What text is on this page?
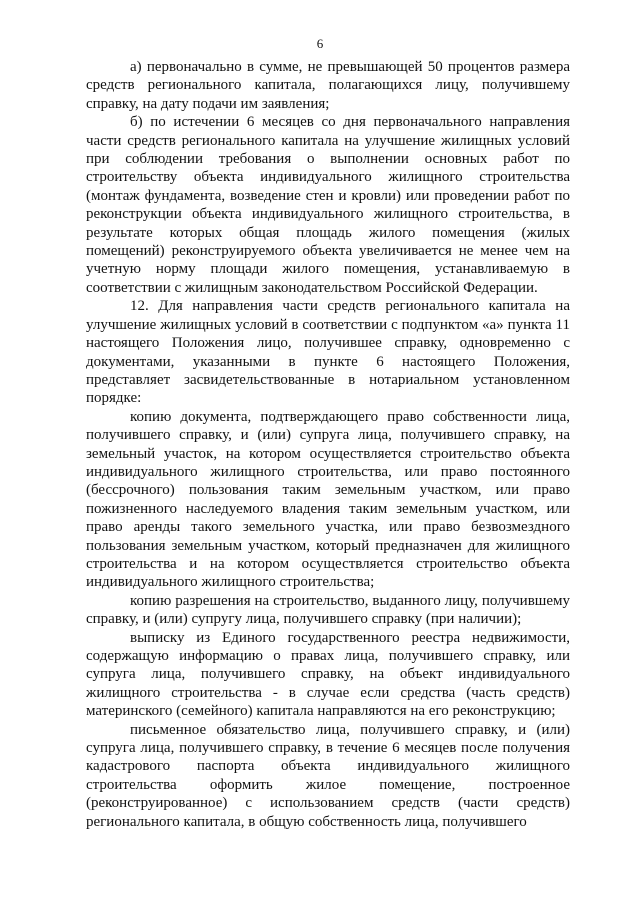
6

а) первоначально в сумме, не превышающей 50 процентов размера средств регионального капитала, полагающихся лицу, получившему справку, на дату подачи им заявления;

б) по истечении 6 месяцев со дня первоначального направления части средств регионального капитала на улучшение жилищных условий при соблюдении требования о выполнении основных работ по строительству объекта индивидуального жилищного строительства (монтаж фундамента, возведение стен и кровли) или проведении работ по реконструкции объекта индивидуального жилищного строительства, в результате которых общая площадь жилого помещения (жилых помещений) реконструируемого объекта увеличивается не менее чем на учетную норму площади жилого помещения, устанавливаемую в соответствии с жилищным законодательством Российской Федерации.

12. Для направления части средств регионального капитала на улучшение жилищных условий в соответствии с подпунктом «а» пункта 11 настоящего Положения лицо, получившее справку, одновременно с документами, указанными в пункте 6 настоящего Положения, представляет засвидетельствованные в нотариальном установленном порядке:

копию документа, подтверждающего право собственности лица, получившего справку, и (или) супруга лица, получившего справку, на земельный участок, на котором осуществляется строительство объекта индивидуального жилищного строительства, или право постоянного (бессрочного) пользования таким земельным участком, или право пожизненного наследуемого владения таким земельным участком, или право аренды такого земельного участка, или право безвозмездного пользования земельным участком, который предназначен для жилищного строительства и на котором осуществляется строительство объекта индивидуального жилищного строительства;

копию разрешения на строительство, выданного лицу, получившему справку, и (или) супругу лица, получившего справку (при наличии);

выписку из Единого государственного реестра недвижимости, содержащую информацию о правах лица, получившего справку, или супруга лица, получившего справку, на объект индивидуального жилищного строительства - в случае если средства (часть средств) материнского (семейного) капитала направляются на его реконструкцию;

письменное обязательство лица, получившего справку, и (или) супруга лица, получившего справку, в течение 6 месяцев после получения кадастрового паспорта объекта индивидуального жилищного строительства оформить жилое помещение, построенное (реконструированное) с использованием средств (части средств) регионального капитала, в общую собственность лица, получившего
